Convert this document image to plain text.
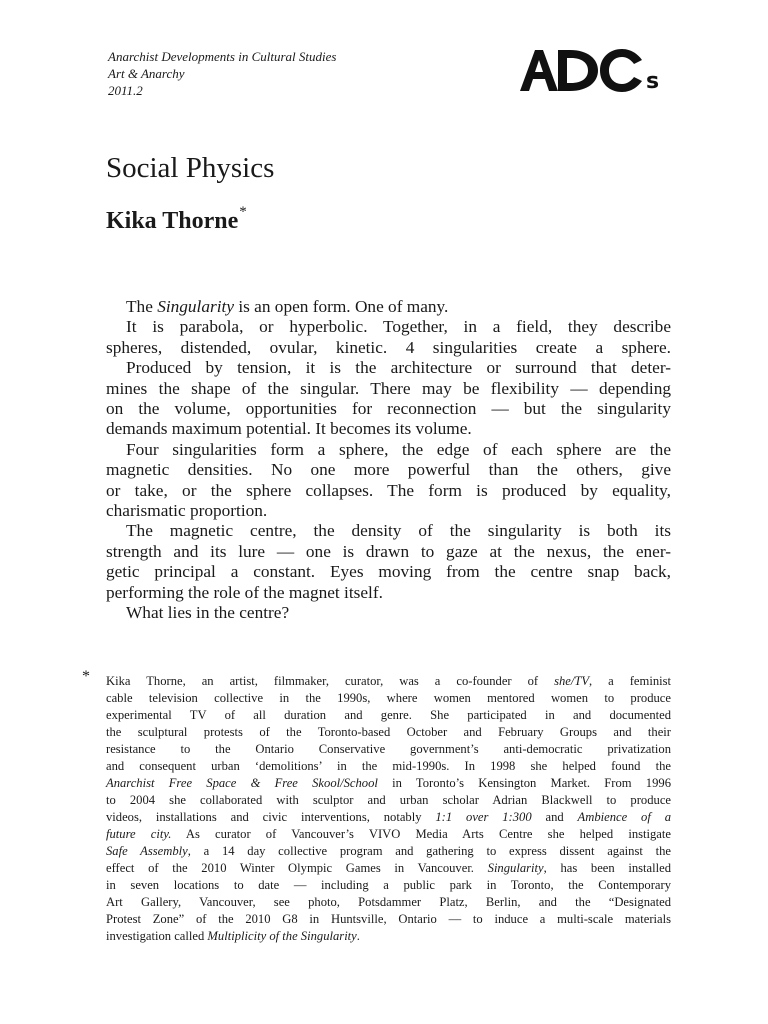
Anarchist Developments in Cultural Studies
Art & Anarchy
2011.2	s
Social Physics
Kika Thorne*
The Singularity is an open form. One of many.
It is parabola, or hyperbolic. Together, in a field, they describe
spheres, distended, ovular, kinetic. 4 singularities create a sphere.
Produced by tension, it is the architecture or surround that deter-
mines the shape of the singular. There may be flexibility — depending
on the volume, opportunities for reconnection — but the singularity
demands maximum potential. It becomes its volume.
Four singularities form a sphere, the edge of each sphere are the
magnetic densities. No one more powerful than the others, give
or take, or the sphere collapses. The form is produced by equality,
charismatic proportion.
The magnetic centre, the density of the singularity is both its
strength and its lure — one is drawn to gaze at the nexus, the ener-
getic principal a constant. Eyes moving from the centre snap back,
performing the role of the magnet itself.
What lies in the centre?
* Kika Thorne, an artist, filmmaker, curator, was a co-founder of she/TV, a feminist
cable television collective in the 1990s, where women mentored women to produce
experimental TV of all duration and genre. She participated in and documented
the sculptural protests of the Toronto-based October and February Groups and their
resistance to the Ontario Conservative government’s anti-democratic privatization
and consequent urban ‘demolitions’ in the mid-1990s. In 1998 she helped found the
Anarchist Free Space & Free Skool/School in Toronto’s Kensington Market. From 1996
to 2004 she collaborated with sculptor and urban scholar Adrian Blackwell to produce
videos, installations and civic interventions, notably 1:1 over 1:300 and Ambience of a
future city. As curator of Vancouver’s VIVO Media Arts Centre she helped instigate
Safe Assembly, a 14 day collective program and gathering to express dissent against the
effect of the 2010 Winter Olympic Games in Vancouver. Singularity, has been installed
in seven locations to date — including a public park in Toronto, the Contemporary
Art Gallery, Vancouver, see photo, Potsdammer Platz, Berlin, and the “Designated
Protest Zone” of the 2010 G8 in Huntsville, Ontario — to induce a multi-scale materials
investigation called Multiplicity of the Singularity.
